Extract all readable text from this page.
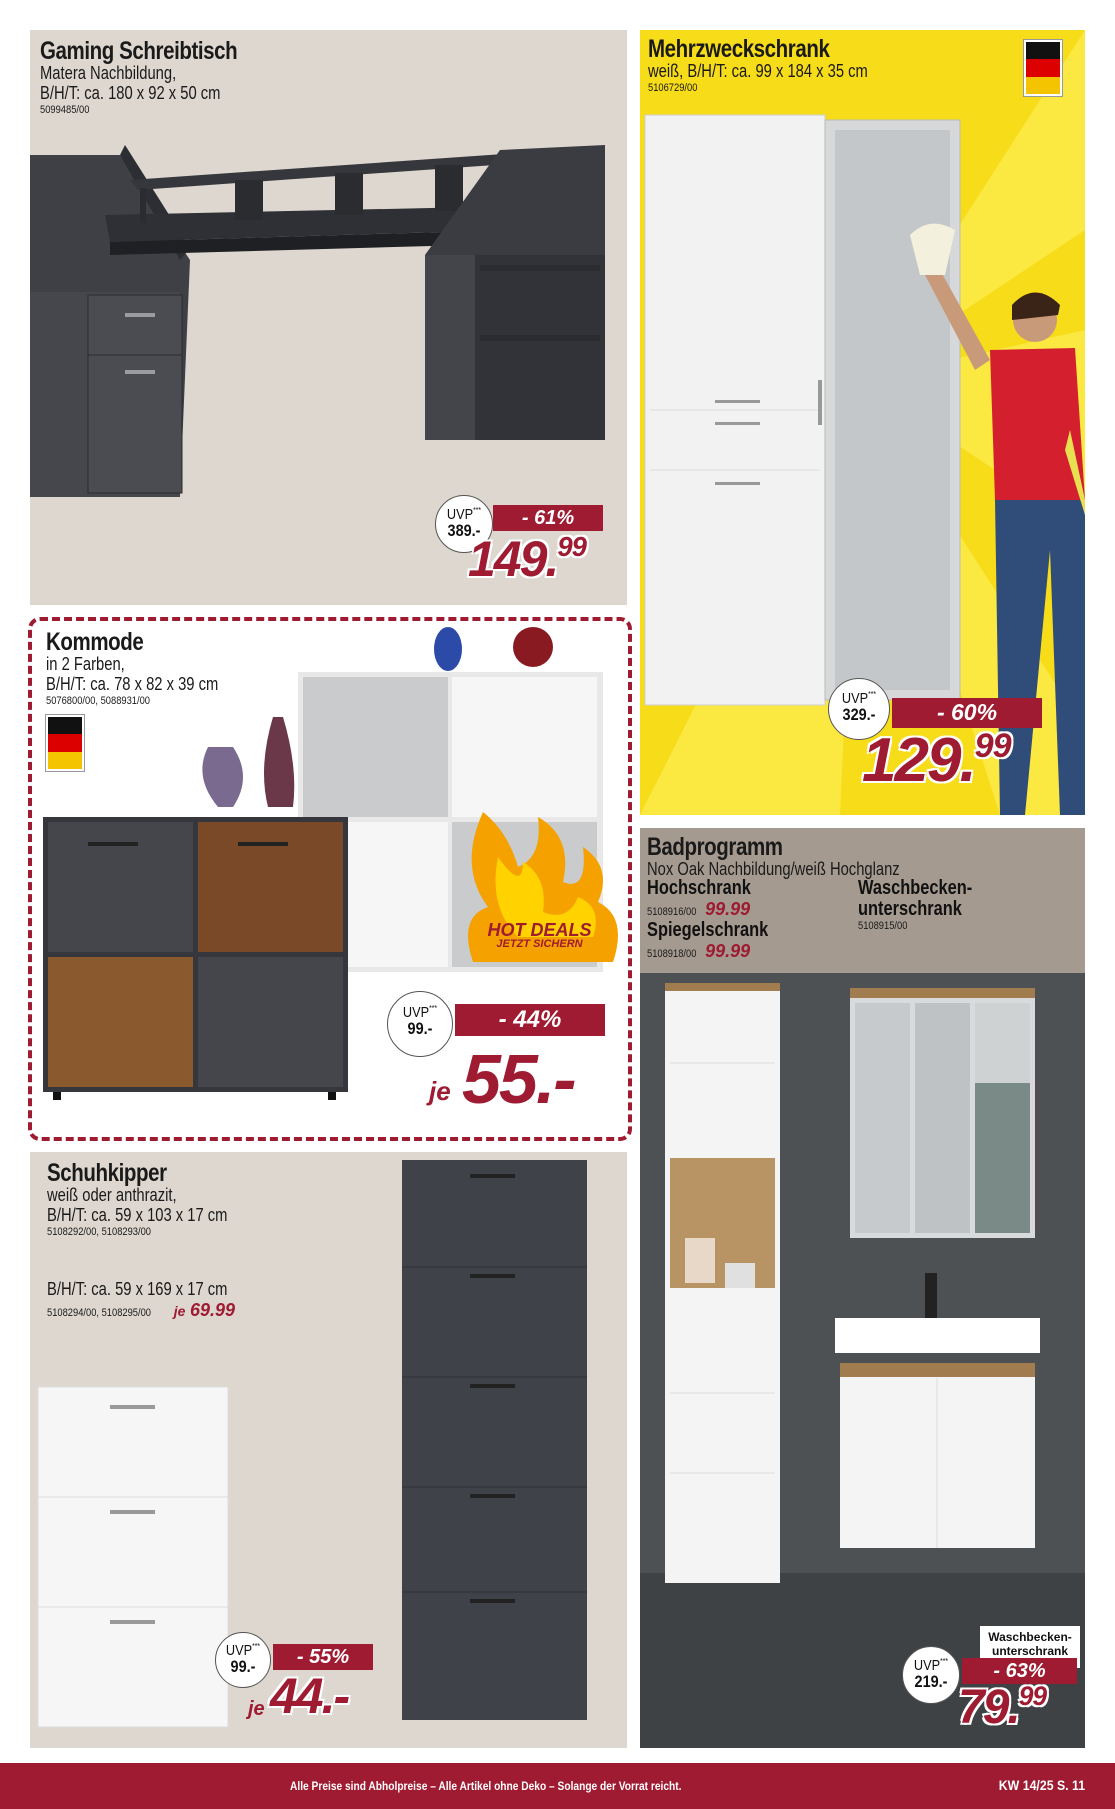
Gaming Schreibtisch
Matera Nachbildung,
B/H/T: ca. 180 x 92 x 50 cm
5099485/00
UVP***
389.-
- 61%
149.99
Mehrzweckschrank
weiß, B/H/T: ca. 99 x 184 x 35 cm
5106729/00
UVP***
329.-	- 60%
129.99
Kommode
in 2 Farben,
B/H/T: ca. 78 x 82 x 39 cm
5076800/00, 5088931/00
HOT DEALS
JETZT SICHERN
UVP***
99.-	- 44%
je 55.-
Badprogramm
Nox Oak Nachbildung/weiß Hochglanz
Hochschrank
5108916/00 99.99
Spiegelschrank
5108918/00 99.99
Waschbecken-
unterschrank
5108915/00
Waschbecken-
unterschrank
UVP***
219.-	- 63%
79.99
Schuhkipper
weiß oder anthrazit,
B/H/T: ca. 59 x 103 x 17 cm
5108292/00, 5108293/00
B/H/T: ca. 59 x 169 x 17 cm
5108294/00, 5108295/00 je 69.99
UVP***
99.-	- 55%
je 44.-
Alle Preise sind Abholpreise – Alle Artikel ohne Deko – Solange der Vorrat reicht.	KW 14/25 S. 11
